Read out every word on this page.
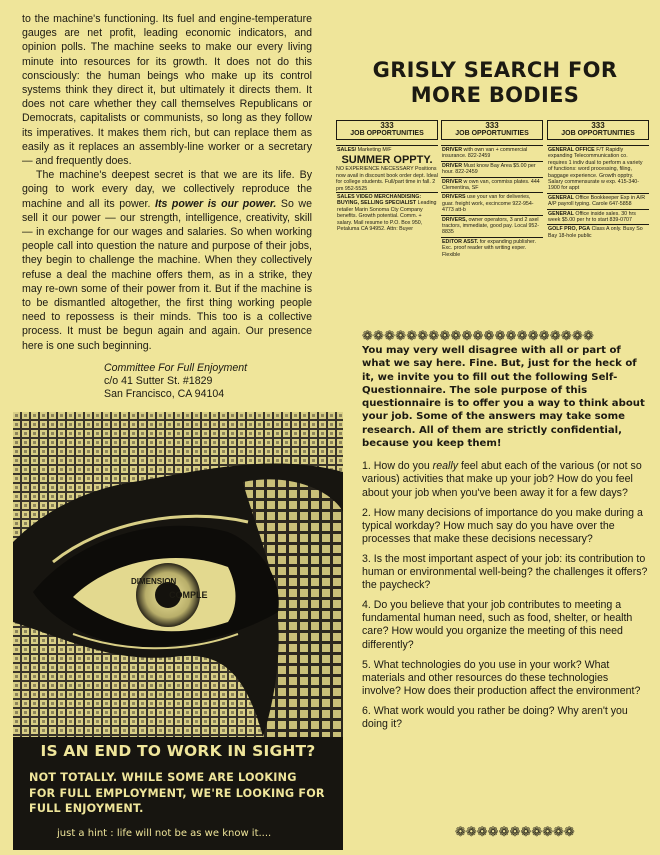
to the machine's functioning. Its fuel and engine-temperature gauges are net profit, leading economic indicators, and opinion polls. The machine seeks to make our every living minute into resources for its growth. It does not do this consciously: the human beings who make up its control systems think they direct it, but ultimately it directs them. It does not care whether they call themselves Republicans or Democrats, capitalists or communists, so long as they follow its imperatives. It makes them rich, but can replace them as easily as it replaces an assembly-line worker or a secretary — and frequently does.

The machine's deepest secret is that we are its life. By going to work every day, we collectively reproduce the machine and all its power. Its power is our power. So we sell it our power — our strength, intelligence, creativity, skill — in exchange for our wages and salaries. So when working people call into question the nature and purpose of their jobs, they begin to challenge the machine. When they collectively refuse a deal the machine offers them, as in a strike, they may re-own some of their power from it. But if the machine is to be dismantled altogether, the first thing working people need to repossess is their minds. This too is a collective process. It must be begun again and again. Our presence here is one such beginning.

Committee For Full Enjoyment
c/o 41 Sutter St. #1829
San Francisco, CA 94104
GRISLY SEARCH FOR
MORE BODIES
333
JOB OPPORTUNITIES
SALES/ Marketing M/F
SUMMER OPPTY.
NO EXPERIENCE NECESSARY Positions now avail in discount book order dept. Ideal for college students. Full/part time in fall. 2 pm 952-5525
SALES VIDEO MERCHANDISING: BUYING, SELLING SPECIALIST Leading retailer Marin Sonoma Cty Company benefits. Growth potential. Comm. + salary. Mail resume to P.O. Box 950, Petaluma CA 94952. Attn: Buyer
333
JOB OPPORTUNITIES
DRIVER with own van + commercial insurance. 822-2459
DRIVER Must know Bay Area $5.00 per hour. 822-2459
DRIVER w own van, commiss plates. 444 Clementina, SF
DRIVERS use your van for deliveries, guar. freight work, excincome 922-954-4773 att-b
DRIVERS, owner operators, 3 and 2 axel tractors, immediate, good pay. Local 952-8835
EDITOR ASST. for expanding publisher. Exc. proof reader with writing exper. Flexible
333
JOB OPPORTUNITIES
GENERAL OFFICE F/T Rapidly expanding Telecommunication co. requires 1 indiv dual to perform a variety of functions: word processing, filing, baggage experience. Growth opptry. Salary commensurate w exp. 415-340-1900 for appt
GENERAL Office Bookkeeper Exp in A/R A/P payroll typing. Carole 647-5858
GENERAL Office inside sales. 30 hrs week $5.00 per hr to start 839-0707
GOLF PRO, PGA Class A only. Busy So Bay 18-hole public
❁❁❁❁❁❁❁❁❁❁❁❁❁❁❁❁❁❁❁❁❁

You may very well disagree with all or part of what we say here. Fine. But, just for the heck of it, we invite you to fill out the following Self-Questionnaire. The sole purpose of this questionnaire is to offer you a way to think about your job. Some of the answers may take some research. All of them are strictly confidential, because you keep them!

1. How do you really feel abut each of the various (or not so various) activities that make up your job? How do you feel about your job when you've been away it for a few days?

2. How many decisions of importance do you make during a typical workday? How much say do you have over the processes that make these decisions necessary?

3. Is the most important aspect of your job: its contribution to human or environmental well-being? the challenges it offers? the paycheck?

4. Do you believe that your job contributes to meeting a fundamental human need, such as food, shelter, or health care? How would you organize the meeting of this need differently?

5. What technologies do you use in your work? What materials and other resources do these technologies involve? How does their production affect the environment?

6. What work would you rather be doing? Why aren't you doing it?

❁❁❁❁❁❁❁❁❁❁❁
DIMENSION
COMPLE
IS AN END TO WORK IN SIGHT?
NOT TOTALLY. WHILE SOME ARE LOOKING
FOR FULL EMPLOYMENT, WE'RE LOOKING FOR
FULL ENJOYMENT.
just a hint : life will not be as we know it....
